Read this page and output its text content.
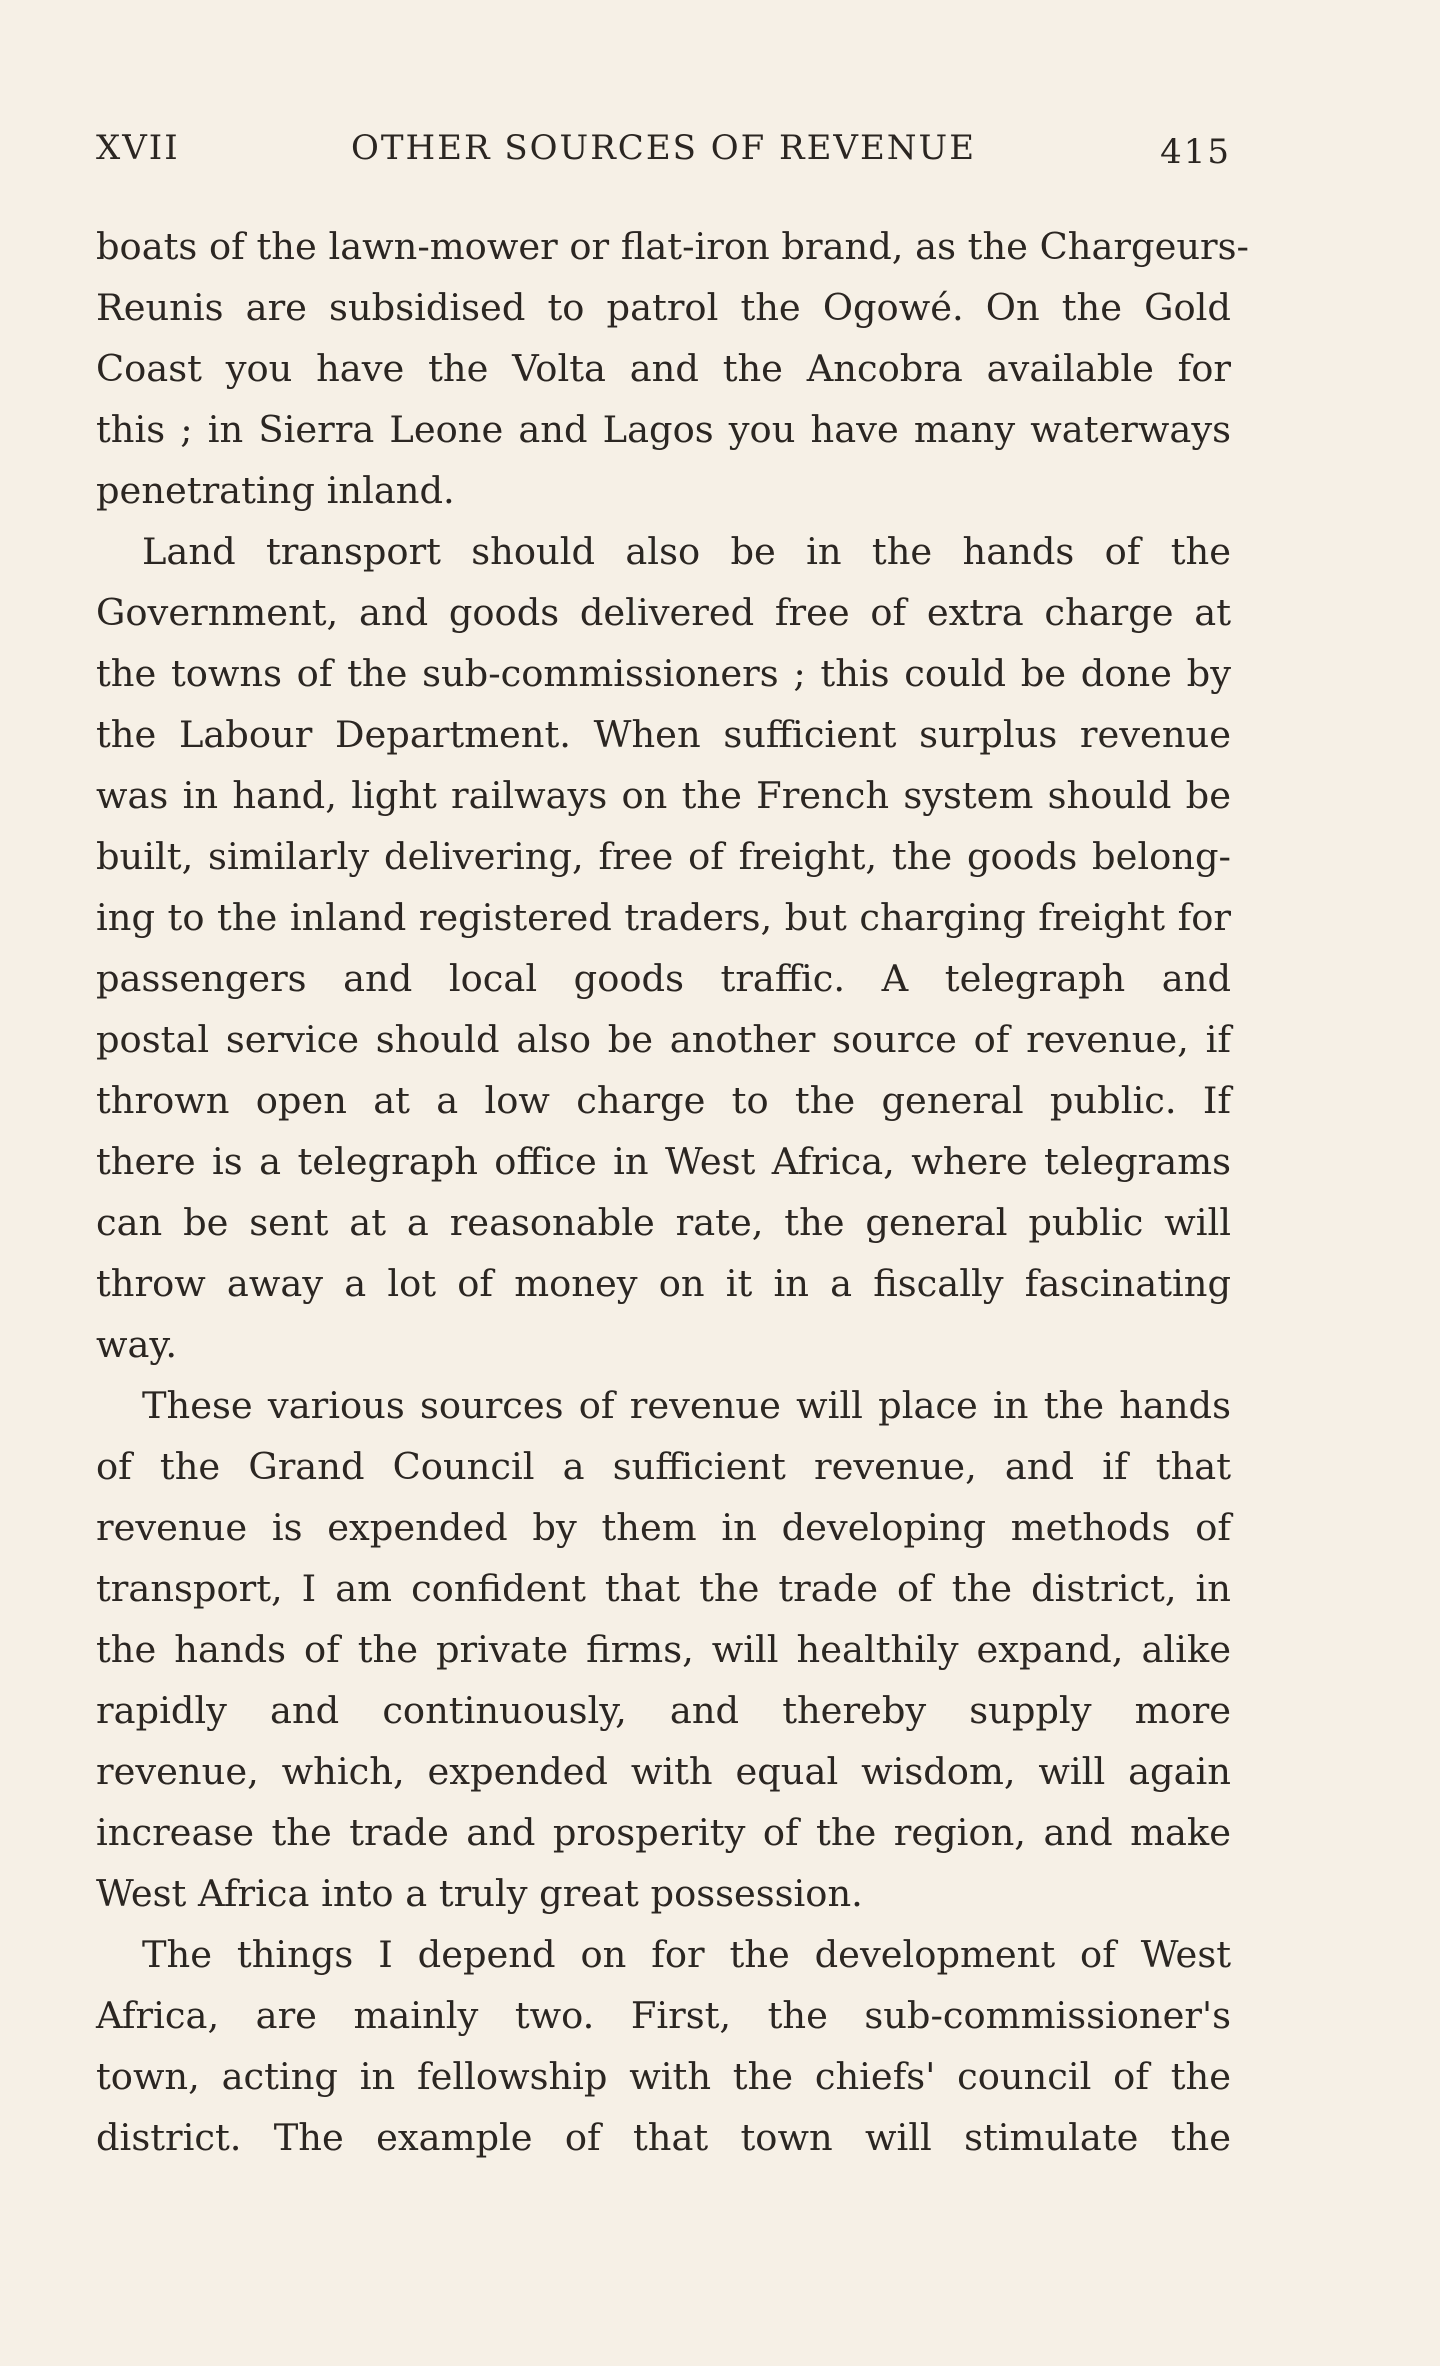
XVII	OTHER SOURCES OF REVENUE	415

boats of the lawn-mower or flat-iron brand, as the Chargeurs-
Reunis are subsidised to patrol the Ogowé. On the Gold
Coast you have the Volta and the Ancobra available for
this ; in Sierra Leone and Lagos you have many waterways
penetrating inland.

Land transport should also be in the hands of the
Government, and goods delivered free of extra charge at
the towns of the sub-commissioners ; this could be done by
the Labour Department. When sufficient surplus revenue
was in hand, light railways on the French system should be
built, similarly delivering, free of freight, the goods belong-
ing to the inland registered traders, but charging freight for
passengers and local goods traffic. A telegraph and
postal service should also be another source of revenue, if
thrown open at a low charge to the general public. If
there is a telegraph office in West Africa, where telegrams
can be sent at a reasonable rate, the general public will
throw away a lot of money on it in a fiscally fascinating
way.

These various sources of revenue will place in the hands
of the Grand Council a sufficient revenue, and if that
revenue is expended by them in developing methods of
transport, I am confident that the trade of the district, in
the hands of the private firms, will healthily expand, alike
rapidly and continuously, and thereby supply more
revenue, which, expended with equal wisdom, will again
increase the trade and prosperity of the region, and make
West Africa into a truly great possession.

The things I depend on for the development of West
Africa, are mainly two. First, the sub-commissioner's
town, acting in fellowship with the chiefs' council of the
district. The example of that town will stimulate the
